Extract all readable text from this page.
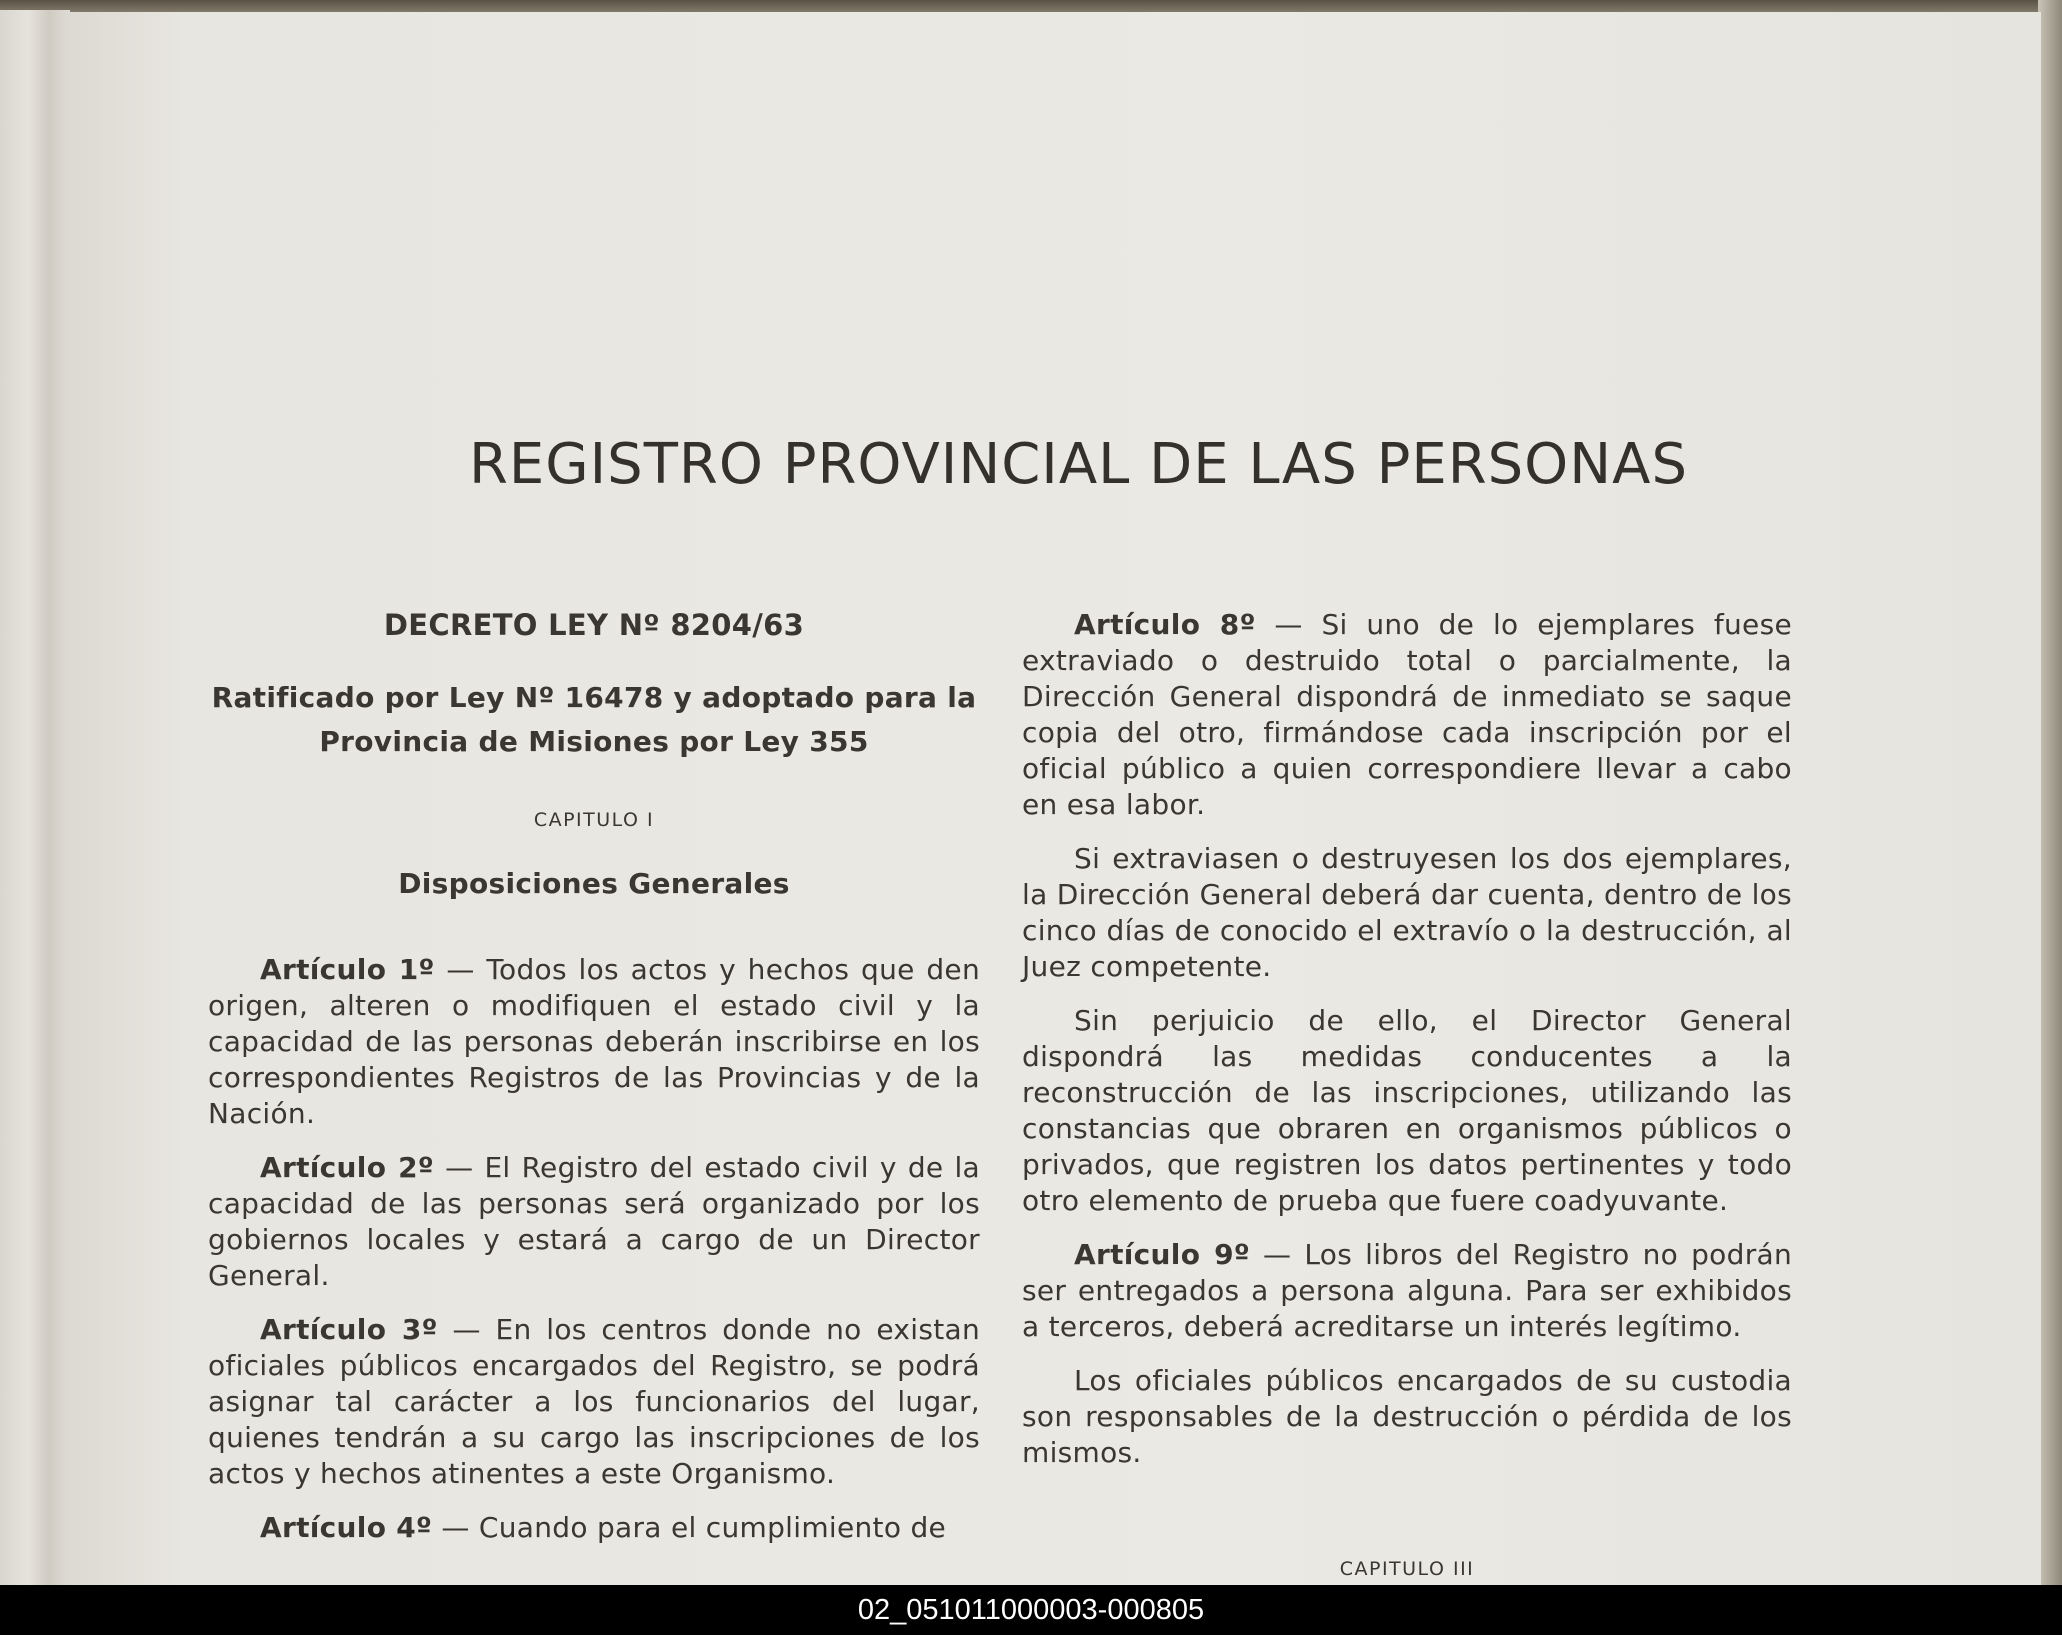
REGISTRO PROVINCIAL DE LAS PERSONAS

DECRETO LEY Nº 8204/63

Ratificado por Ley Nº 16478 y adoptado para la
Provincia de Misiones por Ley 355

CAPITULO I

Disposiciones Generales

Artículo 1º — Todos los actos y hechos que den origen, alteren o modifiquen el estado civil y la capacidad de las personas deberán inscribirse en los correspondientes Registros de las Provincias y de la Nación.

Artículo 2º — El Registro del estado civil y de la capacidad de las personas será organizado por los gobiernos locales y estará a cargo de un Director General.

Artículo 3º — En los centros donde no existan oficiales públicos encargados del Registro, se podrá asignar tal carácter a los funcionarios del lugar, quienes tendrán a su cargo las inscripciones de los actos y hechos atinentes a este Organismo.

Artículo 4º — Cuando para el cumplimiento de

Artículo 8º — Si uno de lo ejemplares fuese extraviado o destruido total o parcialmente, la Dirección General dispondrá de inmediato se saque copia del otro, firmándose cada inscripción por el oficial público a quien correspondiere llevar a cabo en esa labor.

Si extraviasen o destruyesen los dos ejemplares, la Dirección General deberá dar cuenta, dentro de los cinco días de conocido el extravío o la destrucción, al Juez competente.

Sin perjuicio de ello, el Director General dispondrá las medidas conducentes a la reconstrucción de las inscripciones, utilizando las constancias que obraren en organismos públicos o privados, que registren los datos pertinentes y todo otro elemento de prueba que fuere coadyuvante.

Artículo 9º — Los libros del Registro no podrán ser entregados a persona alguna. Para ser exhibidos a terceros, deberá acreditarse un interés legítimo.

Los oficiales públicos encargados de su custodia son responsables de la destrucción o pérdida de los mismos.

CAPITULO III

02_051011000003-000805
